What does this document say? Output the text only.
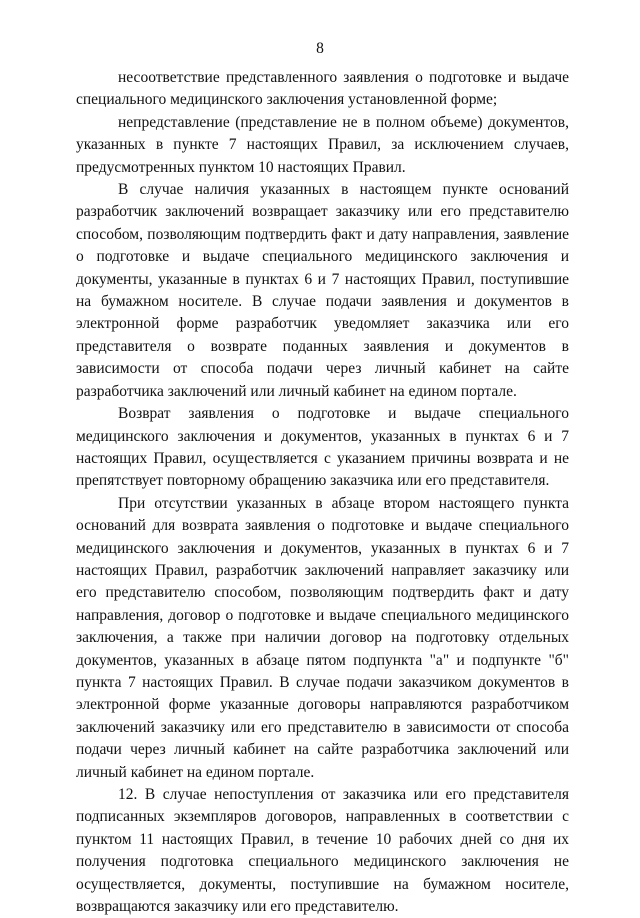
8

несоответствие представленного заявления о подготовке и выдаче специального медицинского заключения установленной форме;

непредставление (представление не в полном объеме) документов, указанных в пункте 7 настоящих Правил, за исключением случаев, предусмотренных пунктом 10 настоящих Правил.

В случае наличия указанных в настоящем пункте оснований разработчик заключений возвращает заказчику или его представителю способом, позволяющим подтвердить факт и дату направления, заявление о подготовке и выдаче специального медицинского заключения и документы, указанные в пунктах 6 и 7 настоящих Правил, поступившие на бумажном носителе. В случае подачи заявления и документов в электронной форме разработчик уведомляет заказчика или его представителя о возврате поданных заявления и документов в зависимости от способа подачи через личный кабинет на сайте разработчика заключений или личный кабинет на едином портале.

Возврат заявления о подготовке и выдаче специального медицинского заключения и документов, указанных в пунктах 6 и 7 настоящих Правил, осуществляется с указанием причины возврата и не препятствует повторному обращению заказчика или его представителя.

При отсутствии указанных в абзаце втором настоящего пункта оснований для возврата заявления о подготовке и выдаче специального медицинского заключения и документов, указанных в пунктах 6 и 7 настоящих Правил, разработчик заключений направляет заказчику или его представителю способом, позволяющим подтвердить факт и дату направления, договор о подготовке и выдаче специального медицинского заключения, а также при наличии договор на подготовку отдельных документов, указанных в абзаце пятом подпункта "а" и подпункте "б" пункта 7 настоящих Правил. В случае подачи заказчиком документов в электронной форме указанные договоры направляются разработчиком заключений заказчику или его представителю в зависимости от способа подачи через личный кабинет на сайте разработчика заключений или личный кабинет на едином портале.

12. В случае непоступления от заказчика или его представителя подписанных экземпляров договоров, направленных в соответствии с пунктом 11 настоящих Правил, в течение 10 рабочих дней со дня их получения подготовка специального медицинского заключения не осуществляется, документы, поступившие на бумажном носителе, возвращаются заказчику или его представителю.
